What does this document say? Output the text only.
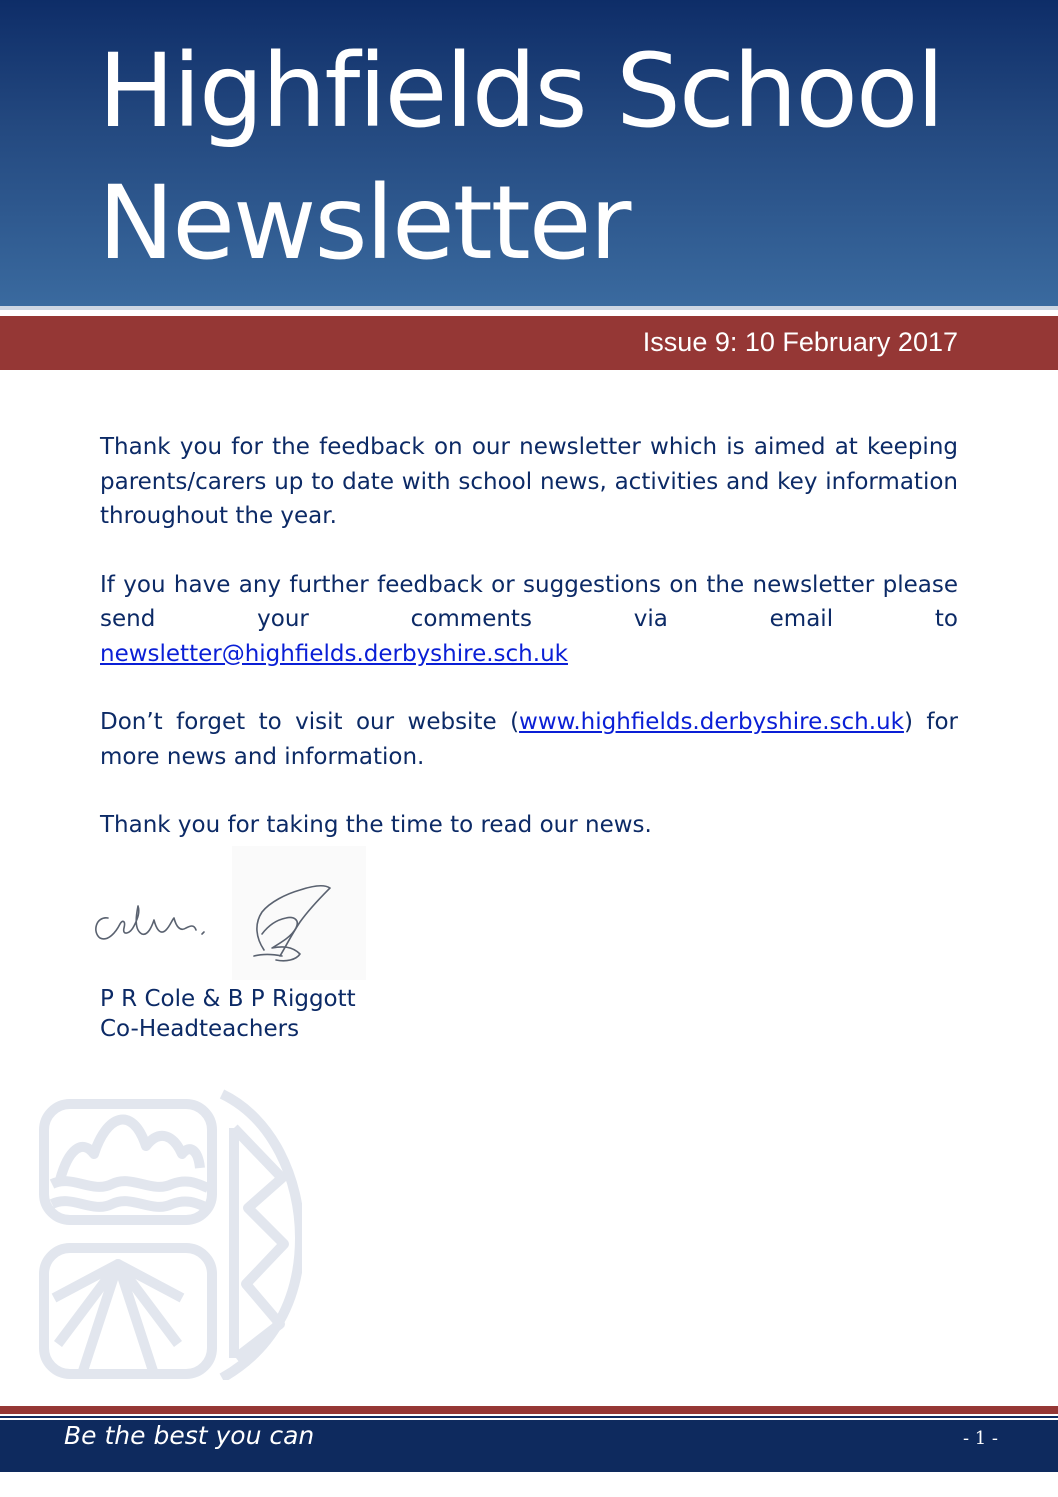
Highfields School
Newsletter
Issue 9: 10 February 2017

Thank you for the feedback on our newsletter which is aimed at keeping parents/carers up to date with school news, activities and key information throughout the year.

If you have any further feedback or suggestions on the newsletter please send your comments via email to newsletter@highfields.derbyshire.sch.uk

Don’t forget to visit our website (www.highfields.derbyshire.sch.uk) for more news and information.

Thank you for taking the time to read our news.

P R Cole & B P Riggott
Co-Headteachers
Be the best you can	- 1 -
